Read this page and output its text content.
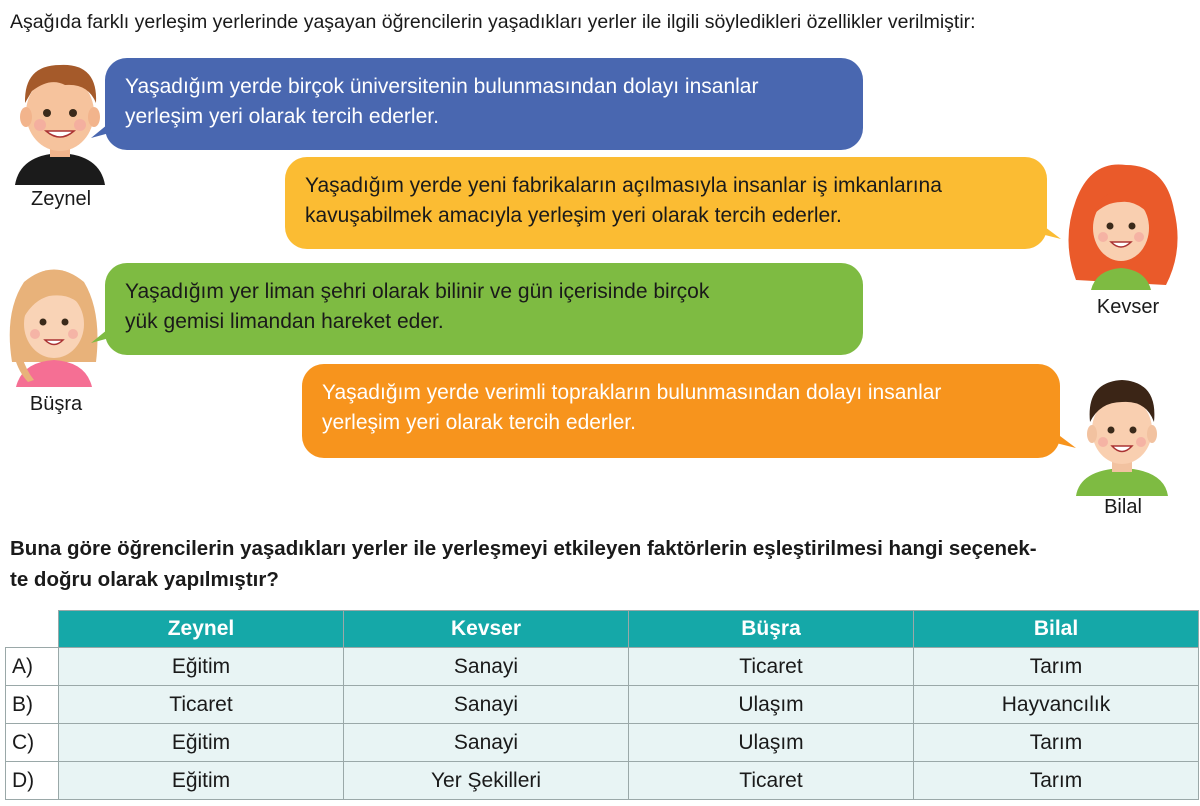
Aşağıda farklı yerleşim yerlerinde yaşayan öğrencilerin yaşadıkları yerler ile ilgili söyledikleri özellikler verilmiştir:
Zeynel
Yaşadığım yerde birçok üniversitenin bulunmasından dolayı insanlar
yerleşim yeri olarak tercih ederler.
Yaşadığım yerde yeni fabrikaların açılmasıyla insanlar iş imkanlarına
kavuşabilmek amacıyla yerleşim yeri olarak tercih ederler.
Kevser
Büşra
Yaşadığım yer liman şehri olarak bilinir ve gün içerisinde birçok
yük gemisi limandan hareket eder.
Yaşadığım yerde verimli toprakların bulunmasından dolayı insanlar
yerleşim yeri olarak tercih ederler.
Bilal
Buna göre öğrencilerin yaşadıkları yerler ile yerleşmeyi etkileyen faktörlerin eşleştirilmesi hangi seçenek-
te doğru olarak yapılmıştır?
	Zeynel	Kevser	Büşra	Bilal
A)	Eğitim	Sanayi	Ticaret	Tarım
B)	Ticaret	Sanayi	Ulaşım	Hayvancılık
C)	Eğitim	Sanayi	Ulaşım	Tarım
D)	Eğitim	Yer Şekilleri	Ticaret	Tarım
